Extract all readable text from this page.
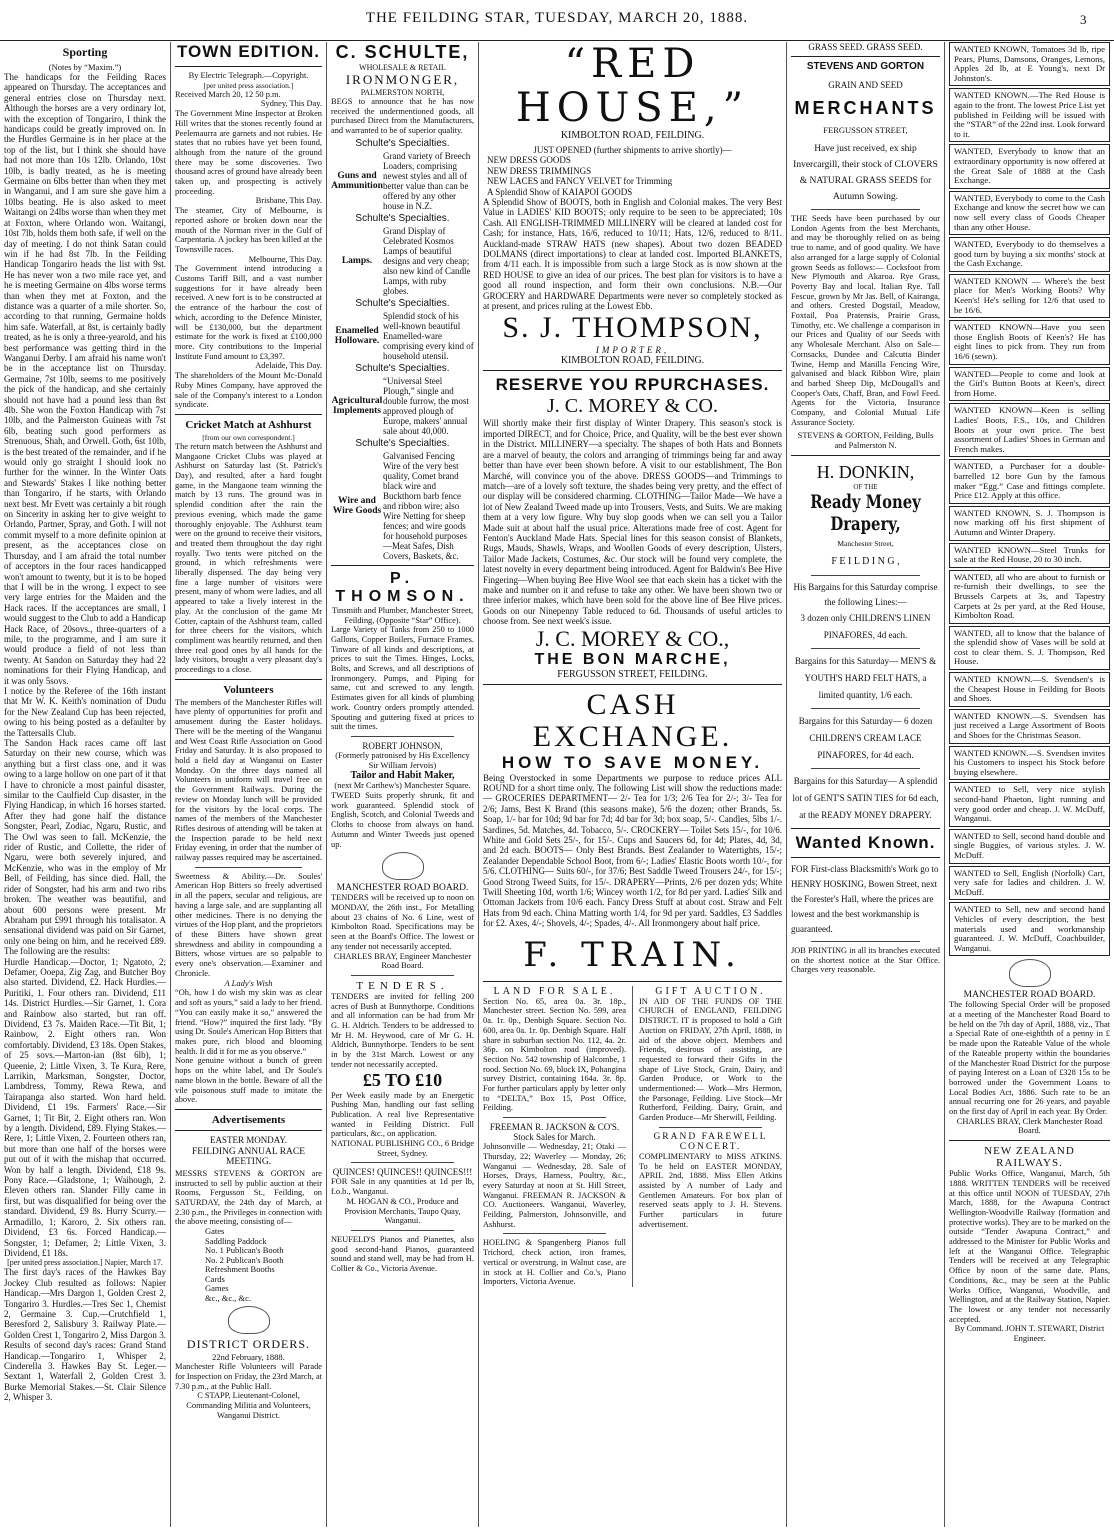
THE FEILDING STAR, TUESDAY, MARCH 20, 1888.	3
Sporting
(Notes by “Maxim.”)

The handicaps for the Feilding Races appeared on Thursday. The acceptances and general entries close on Thursday next. Although the horses are a very ordinary lot, with the exception of Tongariro, I think the handicaps could be greatly improved on. In the Hurdles Germaine is in her place at the top of the list, but I think she should have had not more than 10s 12lb. Orlando, 10st 10lb, is badly treated, as he is meeting Germaine on 6lbs better than when they met in Wanganui, and I am sure she gave him a 10lbs beating. He is also asked to meet Waitangi on 24lbs worse than when they met at Foxton, where Orlando won. Waitangi, 10st 7lb, holds them both safe, if well on the day of meeting. I do not think Satan could win if he had 8st 7lb. In the Feilding Handicap Tongariro heads the list with 9st. He has never won a two mile race yet, and he is meeting Germaine on 4lbs worse terms than when they met at Foxton, and the distance was a quarter of a mile shorter. So, according to that running, Germaine holds him safe. Waterfall, at 8st, is certainly badly treated, as he is only a three-yearold, and his best performance was getting third in the Wanganui Derby. I am afraid his name won't be in the acceptance list on Thursday. Germaine, 7st 10lb, seems to me positively the pick of the handicap, and she certainly should not have had a pound less than 8st 4lb. She won the Foxton Handicap with 7st 10lb, and the Palmerston Guineas with 7st 6lb, beating such good performers as Strenuous, Shah, and Orwell. Goth, 6st 10lb, is the best treated of the remainder, and if he would only go straight I should look no further for the winner. In the Winter Oats and Stewards' Stakes I like nothing better than Tongariro, if he starts, with Orlando next best. Mr Evett was certainly a bit rough on Sincerity in asking her to give weight to Orlando, Partner, Spray, and Goth. I will not commit myself to a more definite opinion at present, as the acceptances close on Thursday, and I am afraid the total number of acceptors in the four races handicapped won't amount to twenty, but it is to be hoped that I will be in the wrong. I expect to see very large entries for the Maiden and the Hack races. If the acceptances are small, I would suggest to the Club to add a Handicap Hack Race, of 20sovs., three-quarters of a mile, to the programme, and I am sure it would produce a field of not less than twenty. At Sandon on Saturday they had 22 nominations for their Flying Handicap, and it was only 5sovs.

I notice by the Referee of the 16th instant that Mr W. K. Keith's nomination of Dudu for the New Zealand Cup has been rejected, owing to his being posted as a defaulter by the Tattersalls Club.

The Sandon Hack races came off last Saturday on their new course, which was anything but a first class one, and it was owing to a large hollow on one part of it that I have to chronicle a most painful disaster, similar to the Caulfield Cup disaster, in the Flying Handicap, in which 16 horses started. After they had gone half the distance Songster, Pearl, Zodiac, Ngaru, Rustic, and The Owl was seen to fall. McKenzie, the rider of Rustic, and Collette, the rider of Ngaru, were both severely injured, and McKenzie, who was in the employ of Mr Bell, of Feilding, has since died. Hall, the rider of Songster, had his arm and two ribs broken. The weather was beautiful, and about 600 persons were present. Mr Abraham put £991 through his totalisator. A sensational dividend was paid on Sir Garnet, only one being on him, and he received £89. The following are the results:

Hurdle Handicap.—Doctor, 1; Ngatoto, 2; Defamer, Ooepa, Zig Zag, and Butcher Boy also started. Dividend, £2. Hack Hurdles.—Puritiki, 1. Four others ran. Dividend, £11 14s. District Hurdles.—Sir Garnet, 1. Cora and Rainbow also started, but ran off. Dividend, £3 7s. Maiden Race.—Tit Bit, 1; Rainbow, 2. Eight others ran. Won comfortably. Dividend, £3 18s. Open Stakes, of 25 sovs.—Marton-ian (8st 6lb), 1; Queenie, 2; Little Vixen, 3. Te Kura, Rere, Larrikin, Marksman, Songster, Doctor, Lambdress, Tommy, Rewa Rewa, and Tairapanga also started. Won hard held. Dividend, £1 19s. Farmers' Race.—Sir Garnet, 1; Tit Bit, 2. Eight others ran. Won by a length. Dividend, £89. Flying Stakes.—Rere, 1; Little Vixen, 2. Fourteen others ran, but more than one half of the horses were put out of it with the mishap that occurred. Won by half a length. Dividend, £18 9s. Pony Race.—Gladstone, 1; Waihough, 2. Eleven others ran. Slander Filly came in first, but was disqualified for being over the standard. Dividend, £9 8s. Hurry Scurry.—Armadillo, 1; Karoro, 2. Six others ran. Dividend, £3 6s. Forced Handicap.—Songster, 1; Defamer, 2; Little Vixen, 3. Dividend, £1 18s.

[per united press association.] Napier, March 17.

The first day's races of the Hawkes Bay Jockey Club resulted as follows: Napier Handicap.—Mrs Dargon 1, Golden Crest 2, Tongariro 3. Hurdles.—Tres Sec 1, Chemist 2, Germaine 3. Cup.—Crutchfield 1, Beresford 2, Salisbury 3. Railway Plate.—Golden Crest 1, Tongariro 2, Miss Dargon 3. Results of second day's races: Grand Stand Handicap.—Tongariro 1, Whisper 2, Cinderella 3. Hawkes Bay St. Leger.—Sextant 1, Waterfall 2, Golden Crest 3. Burke Memorial Stakes.—St. Clair Silence 2, Whisper 3.

TOWN EDITION.
By Electric Telegraph.—Copyright.
[per united press association.]
Received March 20, 12 50 p.m.
Sydney, This Day.

The Government Mine Inspector at Broken Hill writes that the stones recently found at Peelemaurra are garnets and not rubies. He states that no rubies have yet been found, although from the nature of the ground there may be some discoveries. Two thousand acres of ground have already been taken up, and prospecting is actively proceeding.

Brisbane, This Day.

The steamer, City of Melbourne, is reported ashore or broken down near the mouth of the Norman river in the Gulf of Carpentaria. A jockey has been killed at the Townsville races.

Melbourne, This Day.

The Government intend introducing a Customs Tariff Bill, and a vast number suggestions for it have already been received. A new fort is to be constructed at the entrance of the harbour the cost of which, according to the Defence Minister, will be £130,000, but the department estimate for the work is fixed at £100,000 more. City contributions to the Imperial Institute Fund amount to £3,397.

Adelaide, This Day.

The shareholders of the Mount Mc-Donald Ruby Mines Company, have approved the sale of the Company's interest to a London syndicate.

Cricket Match at Ashhurst
[from our own correspondent.]

The return match between the Ashhurst and Mangaone Cricket Clubs was played at Ashhurst on Saturday last (St. Patrick's Day), and resulted, after a hard fought game, in the Mangaone team winning the match by 13 runs. The ground was in splendid condition after the rain the previous evening, which made the game thoroughly enjoyable. The Ashhurst team were on the ground to receive their visitors, and treated them throughout the day right royally. Two tents were pitched on the ground, in which refreshments were liberally dispensed. The day being very fine a large number of visitors were present, many of whom were ladies, and all appeared to take a lively interest in the play. At the conclusion of the game Mr Cotter, captain of the Ashhurst team, called for three cheers for the visitors, which compliment was heartily returned, and then three real good ones by all hands for the lady visitors, brought a very pleasant day's proceedings to a close.

Volunteers

The members of the Manchester Rifles will have plenty of opportunities for profit and amusement during the Easter holidays. There will be the meeting of the Wanganui and West Coast Rifle Association on Good Friday and Saturday. It is also proposed to hold a field day at Wanganui on Easter Monday. On the three days named all Volunteers in uniform will travel free on the Government Railways. During the review on Monday lunch will be provided for the visitors by the local corps. The names of the members of the Manchester Rifles desirous of attending will be taken at the Inspection parade to be held next Friday evening, in order that the number of railway passes required may be ascertained.

Sweetness & Ability.—Dr. Soules' American Hop Bitters so freely advertised in all the papers, secular and religious, are having a large sale, and are supplanting all other medicines. There is no denying the virtues of the Hop plant, and the proprietors of these Bitters have shown great shrewdness and ability in compounding a Bitters, whose virtues are so palpable to every one's observation.—Examiner and Chronicle.

A Lady's Wish

“Oh, how I do wish my skin was as clear and soft as yours,” said a lady to her friend. “You can easily make it so,” answered the friend. “How?” inquired the first lady. “By using Dr. Soule's American Hop Bitters that makes pure, rich blood and blooming health. It did it for me as you observe.”

None genuine without a bunch of green hops on the white label, and Dr Soule's name blown in the bottle. Beware of all the vile poisonous stuff made to imitate the above.

Advertisements
EASTER MONDAY.
FEILDING ANNUAL RACE MEETING.

MESSRS STEVENS & GORTON are instructed to sell by public auction at their Rooms, Fergusson St., Feilding, on SATURDAY, the 24th day of March, at 2.30 p.m., the Privileges in connection with the above meeting, consisting of—

Gates
Saddling Paddock
No. 1 Publican's Booth
No. 2 Publican's Booth
Refreshment Booths
Cards
Games
&c., &c., &c.
DISTRICT ORDERS.
22nd February, 1888.

Manchester Rifle Volunteers will Parade for Inspection on Friday, the 23rd March, at 7.30 p.m., at the Public Hall.

C STAPP, Lieutenant-Colonel, Commanding Militia and Volunteers, Wanganui District.
C. SCHULTE,
WHOLESALE & RETAIL
IRONMONGER,
PALMERSTON NORTH,

BEGS to announce that he has now received the undermentioned goods, all purchased Direct from the Manufacturers, and warranted to be of superior quality.

Schulte's Specialties.
Guns and Ammunition
Grand variety of Breech Loaders, comprising newest styles and all of better value than can be offered by any other house in N.Z.
Schulte's Specialties.
Lamps.
Grand Display of Celebrated Kosmos Lamps of beautiful designs and very cheap; also new kind of Candle Lamps, with ruby globes.
Schulte's Specialties.
Enamelled Holloware.
Splendid stock of his well-known beautiful Enamelled-ware comprising every kind of household utensil.
Schulte's Specialties.
Agricultural Implements
“Universal Steel Plough,” single and double furrow, the most approved plough of Europe, makers' annual sale about 40,000.
Schulte's Specialties.
Wire and Wire Goods
Galvanised Fencing Wire of the very best quality, Comet brand black wire and Buckthorn barb fence and ribbon wire; also Wire Netting for sheep fences; and wire goods for household purposes—Meat Safes, Dish Covers, Baskets, &c.
P. THOMSON.
Tinsmith and Plumber, Manchester Street, Feilding, (Opposite “Star” Office).

Large Variety of Tanks from 250 to 1000 Gallons, Copper Boilers, Furnace Frames. Tinware of all kinds and descriptions, at prices to suit the Times. Hinges, Locks, Bolts, and Screws, and all descriptions of Ironmongery. Pumps, and Piping for same, cut and screwed to any length. Estimates given for all kinds of plumbing work. Country orders promptly attended. Spouting and guttering fixed at prices to suit the times.

ROBERT JOHNSON,
(Formerly patronised by His Excellency Sir William Jervois)
Tailor and Habit Maker,
(next Mr Carthew's) Manchester Square.

TWEED Suits properly shrunk, fit and work guaranteed. Splendid stock of English, Scotch, and Colonial Tweeds and Cloths to choose from always on hand. Autumn and Winter Tweeds just opened up.

MANCHESTER ROAD BOARD.

TENDERS will be received up to noon on MONDAY, the 26th inst., For Metalling about 23 chains of No. 6 Line, west of Kimbolton Road. Specifications may be seen at the Board's Office. The lowest or any tender not necessarily accepted.

CHARLES BRAY, Engineer Manchester Road Board.
TENDERS.

TENDERS are invited for felling 200 acres of Bush at Bunnythorpe. Conditions and all information can be had from Mr G. H. Aldrich. Tenders to be addressed to Mr H. M. Heywood, care of Mr G. H. Aldrich, Bunnythorpe. Tenders to be sent in by the 31st March. Lowest or any tender not necessarily accepted.

£5 TO £10

Per Week easily made by an Energetic Pushing Man, handling our fast selling Publication. A real live Representative wanted in Feilding District. Full particulars, &c., on application.

NATIONAL PUBLISHING CO., 6 Bridge Street, Sydney.
QUINCES! QUINCES!! QUINCES!!!

FOR Sale in any quantities at 1d per lb, f.o.b., Wanganui.

M. HOGAN & CO., Produce and Provision Merchants, Taupo Quay, Wanganui.

NEUFELD'S Pianos and Pianettes, also good second-hand Pianos, guaranteed sound and stand well, may be had from H. Collier & Co., Victoria Avenue.

“RED HOUSE,”
KIMBOLTON ROAD, FEILDING.
JUST OPENED (further shipments to arrive shortly)—
NEW DRESS GOODS
NEW DRESS TRIMMINGS
NEW LACES and FANCY VELVET for Trimming
A Splendid Show of KAIAPOI GOODS

A Splendid Show of BOOTS, both in English and Colonial makes. The very Best Value in LADIES' KID BOOTS; only require to be seen to be appreciated; 10s Cash. All ENGLISH-TRIMMED MILLINERY will be cleared at landed cost for Cash; for instance, Hats, 16/6, reduced to 10/11; Hats, 12/6, reduced to 8/11. Auckland-made STRAW HATS (new shapes). About two dozen BEADED DOLMANS (direct importations) to clear at landed cost. Imported BLANKETS, from 4/11 each. It is impossible from such a large Stock as is now shown at the RED HOUSE to give an idea of our prices. The best plan for visitors is to have a good all round inspection, and form their own conclusions. N.B.—Our GROCERY and HARDWARE Departments were never so completely stocked as at present, and prices ruling at the Lowest Ebb.

S. J. THOMPSON,
IMPORTER,
KIMBOLTON ROAD, FEILDING.
RESERVE YOU RPURCHASES.
J. C. MOREY & CO.

Will shortly make their first display of Winter Drapery. This season's stock is imported DIRECT, and for Choice, Price, and Quality, will be the best ever shown in the District. MILLINERY—a specialty. The shapes of both Hats and Bonnets are a marvel of beauty, the colors and arranging of trimmings being far and away better than have ever been shown before. A visit to our establishment, The Bon Marché, will convince you of the above. DRESS GOODS—and Trimmings to match—are of a lovely soft texture, the shades being very pretty, and the effect of our display will be considered charming. CLOTHING—Tailor Made—We have a lot of New Zealand Tweed made up into Trousers, Vests, and Suits. We are making them at a very low figure. Why buy slop goods when we can sell you a Tailor Made suit at about half the usual price. Alterations made free of cost. Agent for Fenton's Auckland Made Hats. Special lines for this season consist of Blankets, Rugs, Mauds, Shawls, Wraps, and Woollen Goods of every description, Ulsters, Tailor Made Jackets, Costumes, &c. Our stock will be found very complete, the latest novelty in every department being introduced. Agent for Baldwin's Bee Hive Fingering—When buying Bee Hive Wool see that each skein has a ticket with the make and number on it and refuse to take any other. We have been shown two or three inferior makes, which have been sold for the above line of Bee Hive prices. Goods on our Ninepenny Table reduced to 6d. Thousands of useful articles to choose from. See next week's issue.

J. C. MOREY & CO.,
THE BON MARCHE,
FERGUSSON STREET, FEILDING.
CASH EXCHANGE.
HOW TO SAVE MONEY.

Being Overstocked in some Departments we purpose to reduce prices ALL ROUND for a short time only. The following List will show the reductions made:— GROCERIES DEPARTMENT— 2/- Tea for 1/3; 2/6 Tea for 2/-; 3/- Tea for 2/6; Jams, Best K Brand (this seasons make), 5/6 the dozen; other Brands, 5s. Soap, 1/- bar for 10d; 9d bar for 7d; 4d bar for 3d; box soap, 5/-. Candles, 5lbs 1/-. Sardines, 5d. Matches, 4d. Tobacco, 5/-. CROCKERY— Toilet Sets 15/-, for 10/6. White and Gold Sets 25/-, for 15/-. Cups and Saucers 6d, for 4d; Plates, 4d, 3d, and 2d each. BOOTS— Only Best Brands. Best Zealander to Watertights, 15/-; Zealander Dependable School Boot, from 6/-; Ladies' Elastic Boots worth 10/-, for 5/6. CLOTHING— Suits 60/-, for 37/6; Best Saddle Tweed Trousers 24/-, for 15/-; Good Strong Tweed Suits, for 15/-. DRAPERY—Prints, 2/6 per dozen yds; White Twill Sheeting 10d, worth 1/6; Wincey worth 1/2, for 8d per yard. Ladies' Silk and Ottoman Jackets from 10/6 each. Fancy Dress Stuff at about cost. Straw and Felt Hats from 9d each. China Matting worth 1/4, for 9d per yard. Saddles, £3 Saddles for £2. Axes, 4/-; Shovels, 4/-; Spades, 4/-. All Ironmongery about half price.

F. TRAIN.
LAND FOR SALE.

Section No. 65, area 0a. 3r. 18p., Manchester street. Section No. 599, area 0a. 1r. 0p., Denbigh Square. Section No. 600, area 0a. 1r. 0p. Denbigh Square. Half share in suburban section No. 112, 4a. 2r. 36p. on Kimbolton road (improved). Section No. 542 township of Halcombe, 1 rood. Section No. 69, block IX, Pohangina survey District, containing 164a. 3r. 8p. For further particulars apply by letter only to “DELTA,” Box 15, Post Office, Feilding.

FREEMAN R. JACKSON & CO'S. Stock Sales for March.

Johnsonville — Wednesday, 21; Otaki — Thursday, 22; Waverley — Monday, 26; Wanganui — Wednesday, 28. Sale of Horses, Drays, Harness, Poultry, &c., every Saturday at noon at St. Hill Street, Wanganui. FREEMAN R. JACKSON & CO. Auctioneers. Wanganui, Waverley, Feilding, Palmerston, Johnsonville, and Ashhurst.

HOELING & Spangenberg Pianos full Trichord, check action, iron frames, vertical or overstrung, in Walnut case, are in stock at H. Collier and Co.'s, Piano Importers, Victoria Avenue.

GIFT AUCTION.

IN AID OF THE FUNDS OF THE CHURCH of ENGLAND, FEILDING DISTRICT. IT is proposed to hold a Gift Auction on FRIDAY, 27th April, 1888, in aid of the above object. Members and Friends, desirous of assisting, are requested to forward their Gifts in the shape of Live Stock, Grain, Dairy, and Garden Produce, or Work to the undermentioned:— Work—Mrs Hermon, the Parsonage, Feilding. Live Stock—Mr Rutherford, Feilding. Dairy, Grain, and Garden Produce—Mr Sherwill, Feilding.

GRAND FAREWELL CONCERT.

COMPLIMENTARY to MISS ATKINS. To be held on EASTER MONDAY, APRIL 2nd, 1888. Miss Ellen Atkins assisted by A number of Lady and Gentlemen Amateurs. For box plan of reserved seats apply to J. H. Stevens. Further particulars in future advertisement.

GRASS SEED. GRASS SEED.
STEVENS AND GORTON
GRAIN AND SEED
MERCHANTS
FERGUSSON STREET,

Have just received, ex ship Invercargill, their stock of CLOVERS & NATURAL GRASS SEEDS for Autumn Sowing.

THE Seeds have been purchased by our London Agents from the best Merchants, and may be thoroughly relied on as being true to name, and of good quality. We have also arranged for a large supply of Colonial grown Seeds as follows:— Cocksfoot from New Plymouth and Akaroa. Rye Grass, Poverty Bay and local. Italian Rye. Tall Fescue, grown by Mr Jas. Bell, of Kairanga, and others. Crested Dogstail, Meadow, Foxtail, Poa Pratensis, Prairie Grass, Timothy, etc. We challenge a comparison in our Prices and Quality of our Seeds with any Wholesale Merchant. Also on Sale— Cornsacks, Dundee and Calcutta Binder Twine, Hemp and Manilla Fencing Wire, galvanised and black Ribbon Wire, plain and barbed Sheep Dip, McDougall's and Cooper's Oats, Chaff, Bran, and Fowl Feed. Agents for the Victoria, Insurance Company, and Colonial Mutual Life Assurance Society.

STEVENS & GORTON, Feilding, Bulls and Palmerston N.
H. DONKIN,
OF THE
Ready Money Drapery,
Manchester Street,
F E I L D I N G ,

His Bargains for this Saturday comprise the following Lines:—

3 dozen only CHILDREN'S LINEN PINAFORES, 4d each.

Bargains for this Saturday— MEN'S & YOUTH'S HARD FELT HATS, a limited quantity, 1/6 each.

Bargains for this Saturday— 6 dozen CHILDREN'S CREAM LACE PINAFORES, for 4d each.

Bargains for this Saturday— A splendid lot of GENT'S SATIN TIES for 6d each, at the READY MONEY DRAPERY.

Wanted Known.

FOR First-class Blacksmith's Work go to HENRY HOSKING, Bowen Street, next the Forester's Hall, where the prices are lowest and the best workmanship is guaranteed.

JOB PRINTING in all its branches executed on the shortest notice at the Star Office. Charges very reasonable.

WANTED KNOWN, Tomatoes 3d lb, ripe Pears, Plums, Damsons, Oranges, Lemons, Apples 2d lb, at E Young's, next Dr Johnston's.
WANTED KNOWN.—The Red House is again to the front. The lowest Price List yet published in Feilding will be issued with the “STAR” of the 22nd inst. Look forward to it.
WANTED, Everybody to know that an extraordinary opportunity is now offered at the Great Sale of 1888 at the Cash Exchange.
WANTED, Everybody to come to the Cash Exchange and know the secret how we can now sell every class of Goods Cheaper than any other House.
WANTED, Everybody to do themselves a good turn by buying a six months' stock at the Cash Exchange.
WANTED KNOWN — Where's the best place for Men's Working Boots? Why Keen's! He's selling for 12/6 that used to be 16/6.
WANTED KNOWN—Have you seen those English Boots of Keen's? He has eight lines to pick from. They run from 16/6 (sewn).
WANTED—People to come and look at the Girl's Button Boots at Keen's, direct from Home.
WANTED KNOWN—Keen is selling Ladies' Boots, F.S., 10s, and Children Boots at your own price. The best assortment of Ladies' Shoes in German and French makes.
WANTED, a Purchaser for a double-barrelled 12 bore Gun by the famous maker “Egg.” Case and fittings complete. Price £12. Apply at this office.
WANTED KNOWN, S. J. Thompson is now marking off his first shipment of Autumn and Winter Drapery.
WANTED KNOWN—Steel Trunks for sale at the Red House, 20 to 30 inch.
WANTED, all who are about to furnish or re-furnish their dwellings, to see the Brussels Carpets at 3s, and Tapestry Carpets at 2s per yard, at the Red House, Kimbolton Road.
WANTED, all to know that the balance of the splendid show of Vases will be sold at cost to clear them. S. J. Thompson, Red House.
WANTED KNOWN.—S. Svendsen's is the Cheapest House in Feilding for Boots and Shoes.
WANTED KNOWN.—S. Svendsen has just received a Large Assortment of Boots and Shoes for the Christmas Season.
WANTED KNOWN.—S. Svendsen invites his Customers to inspect his Stock before buying elsewhere.
WANTED to Sell, very nice stylish second-hand Phaeton, light running and very good order and cheap. J. W. McDuff, Wanganui.
WANTED to Sell, second hand double and single Buggies, of various styles. J. W. McDuff.
WANTED to Sell, English (Norfolk) Cart, very safe for ladies and children. J. W. McDuff.
WANTED to Sell, new and second hand Vehicles of every description, the best materials used and workmanship guaranteed. J. W. McDuff, Coachbuilder, Wanganui.
MANCHESTER ROAD BOARD.

The following Special Order will be proposed at a meeting of the Manchester Road Board to be held on the 7th day of April, 1888, viz., That a Special Rate of one-eighthth of a penny in £ be made upon the Rateable Value of the whole of the Rateable property within the boundaries of the Manchester Road District for the purpose of paying Interest on a Loan of £328 15s to be borrowed under the Government Loans to Local Bodies Act, 1886. Such rate to be an annual recurring one for 26 years, and payable on the first day of April in each year. By Order.

CHARLES BRAY, Clerk Manchester Road Board.
NEW ZEALAND RAILWAYS.

Public Works Office, Wanganui, March, 5th 1888. WRITTEN TENDERS will be received at this office until NOON of TUESDAY, 27th March, 1888, for the Awapuna Contract Wellington-Woodville Railway (formation and protective works). They are to be marked on the outside “Tender Awapuna Contract,” and addressed to the Minister for Public Works and left at the Wanganui Office. Telegraphic Tenders will be received at any Telegraphic Office by noon of the same date. Plans, Conditions, &c., may be seen at the Public Works Office, Wanganui, Woodville, and Wellington, and at the Railway Station, Napier. The lowest or any tender not necessarily accepted.

By Command. JOHN T. STEWART, District Engineer.
